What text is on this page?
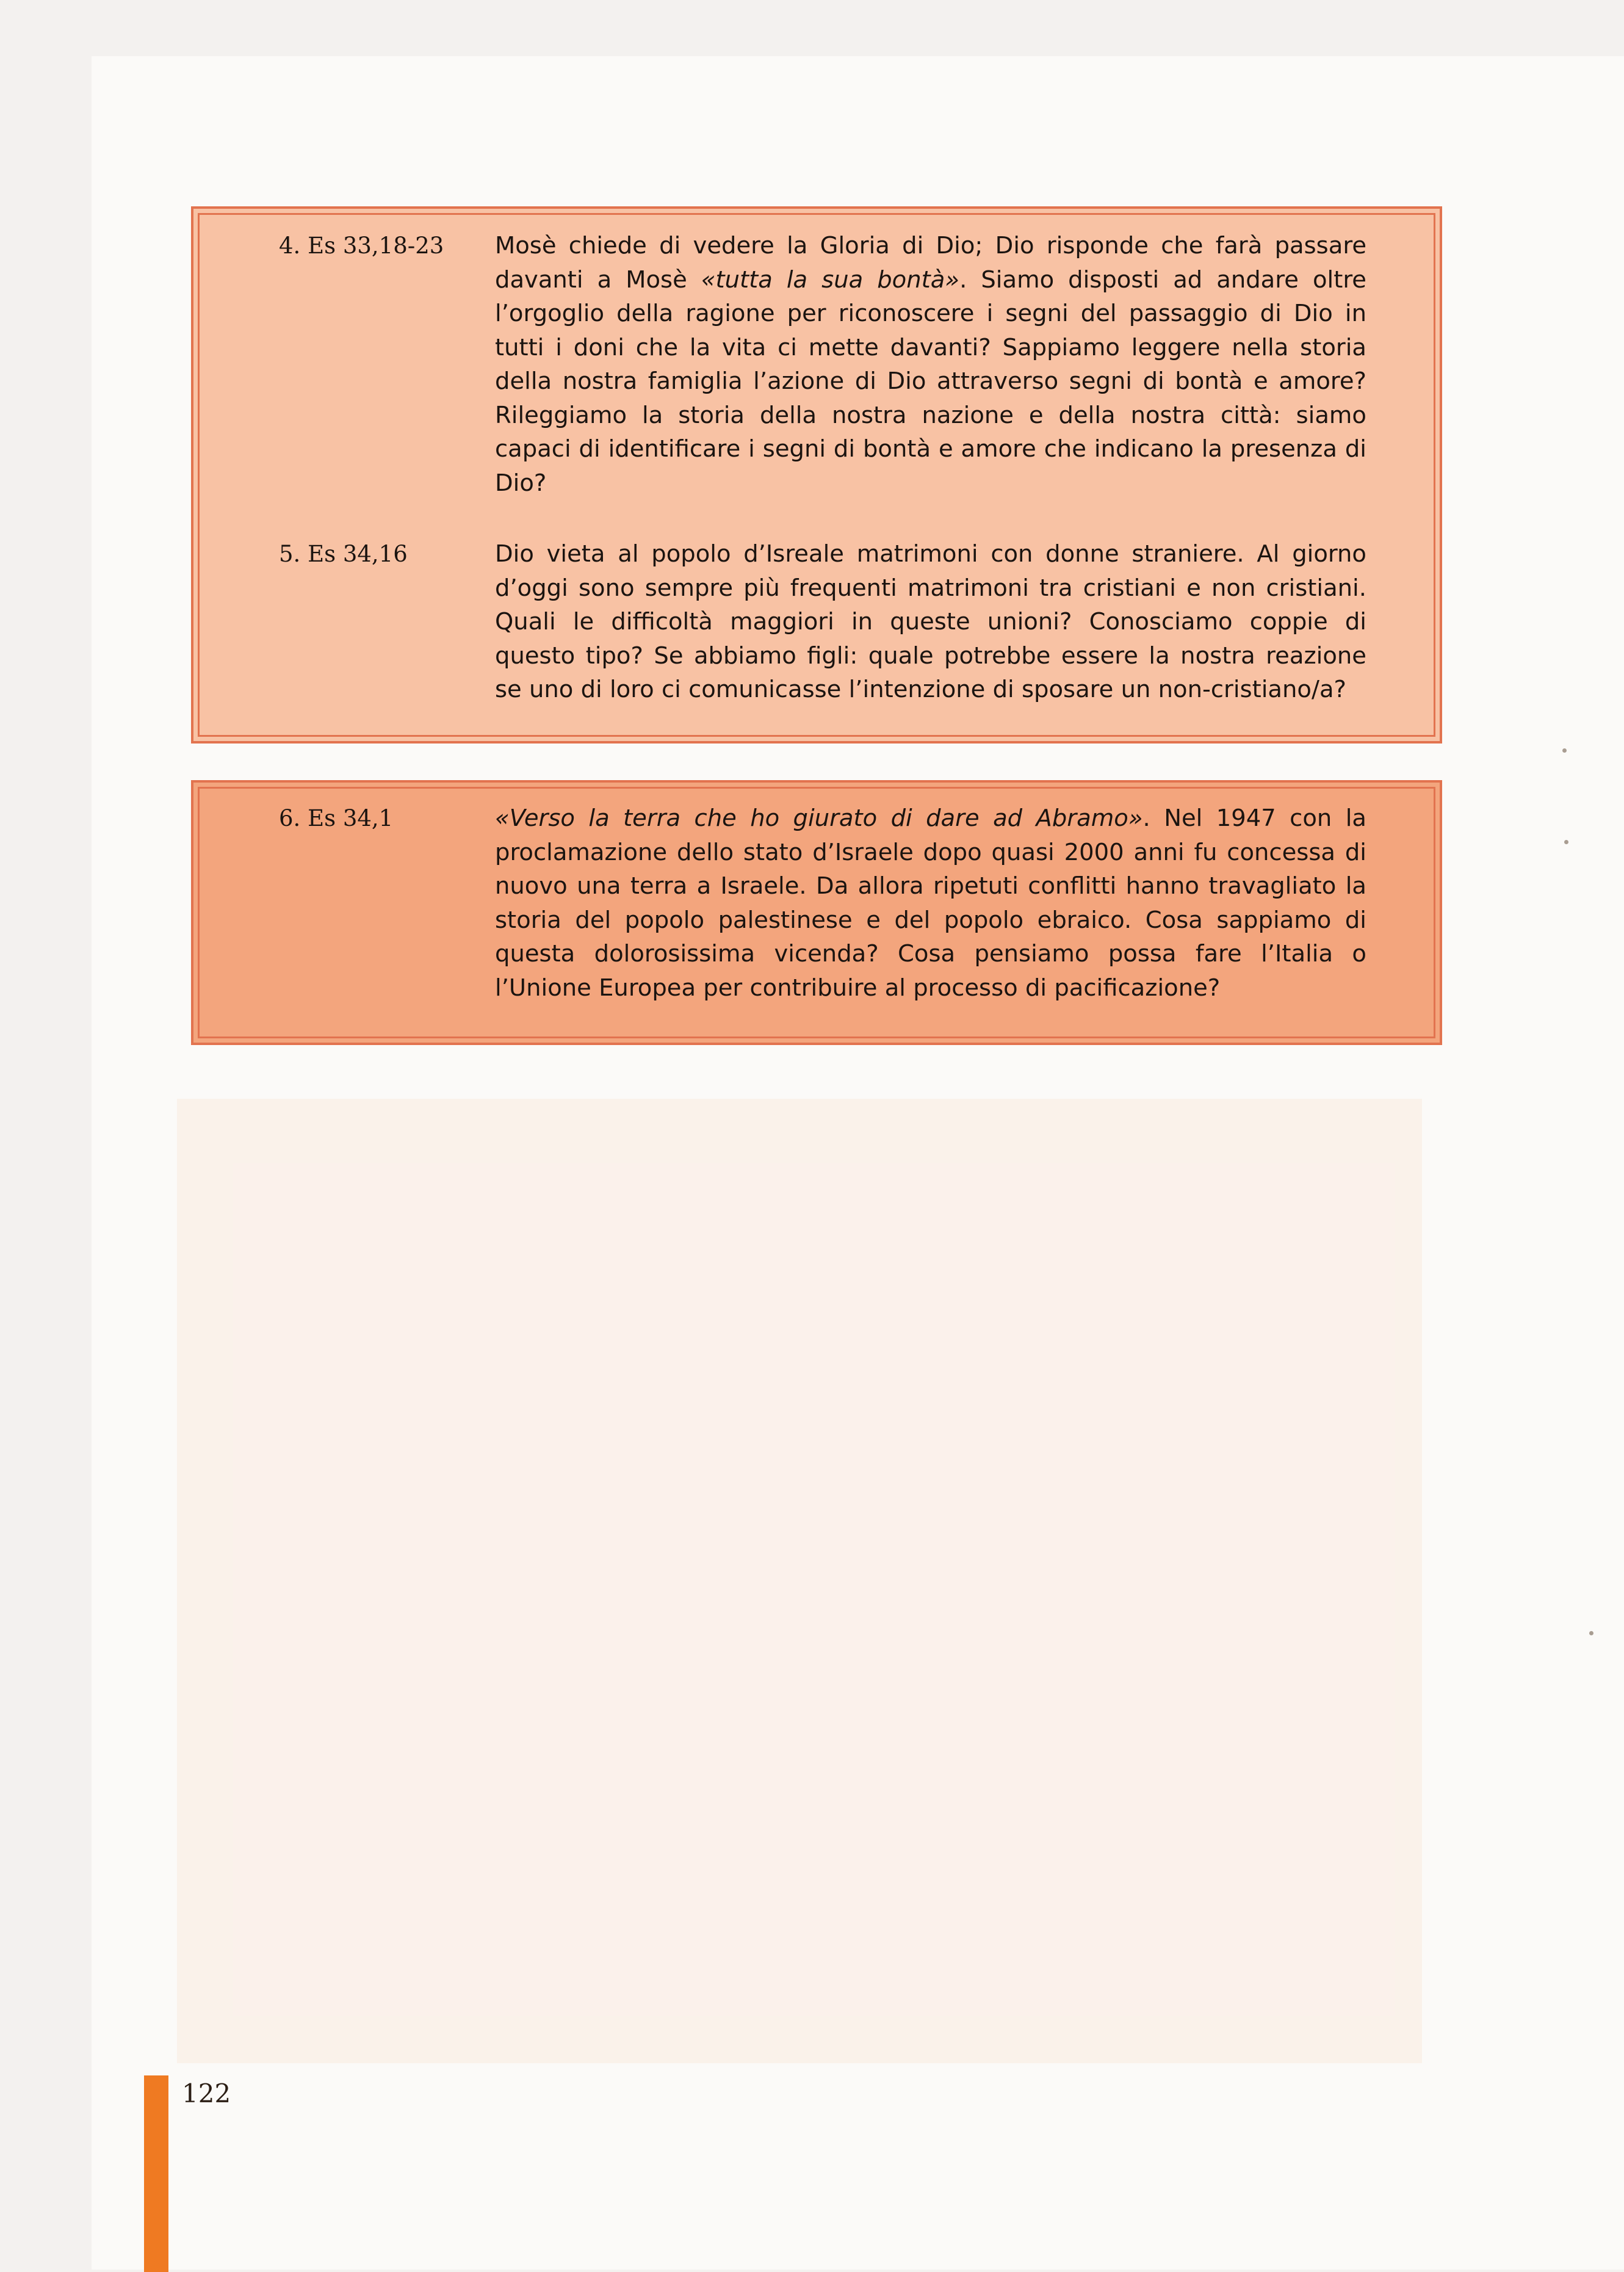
4. Es 33,18-23	Mosè chiede di vedere la Gloria di Dio; Dio risponde che farà passare davanti a Mosè «tutta la sua bontà». Siamo disposti ad andare oltre l’orgoglio della ragione per riconoscere i segni del passaggio di Dio in tutti i doni che la vita ci mette davanti? Sappiamo leggere nella storia della nostra famiglia l’azione di Dio attraverso segni di bontà e amore? Rileggiamo la storia della nostra nazione e della nostra città: siamo capaci di identificare i segni di bontà e amore che indicano la presenza di Dio?
5. Es 34,16	Dio vieta al popolo d’Isreale matrimoni con donne straniere. Al giorno d’oggi sono sempre più frequenti matrimoni tra cristiani e non cristiani. Quali le difficoltà maggiori in queste unioni? Conosciamo coppie di questo tipo? Se abbiamo figli: quale potrebbe essere la nostra reazione se uno di loro ci comunicasse l’intenzione di sposare un non-cristiano/a?
6. Es 34,1	«Verso la terra che ho giurato di dare ad Abramo». Nel 1947 con la proclamazione dello stato d’Israele dopo quasi 2000 anni fu concessa di nuovo una terra a Israele. Da allora ripetuti conflitti hanno travagliato la storia del popolo palestinese e del popolo ebraico. Cosa sappiamo di questa dolorosissima vicenda? Cosa pensiamo possa fare l’Italia o l’Unione Europea per contribuire al processo di pacificazione?
122
